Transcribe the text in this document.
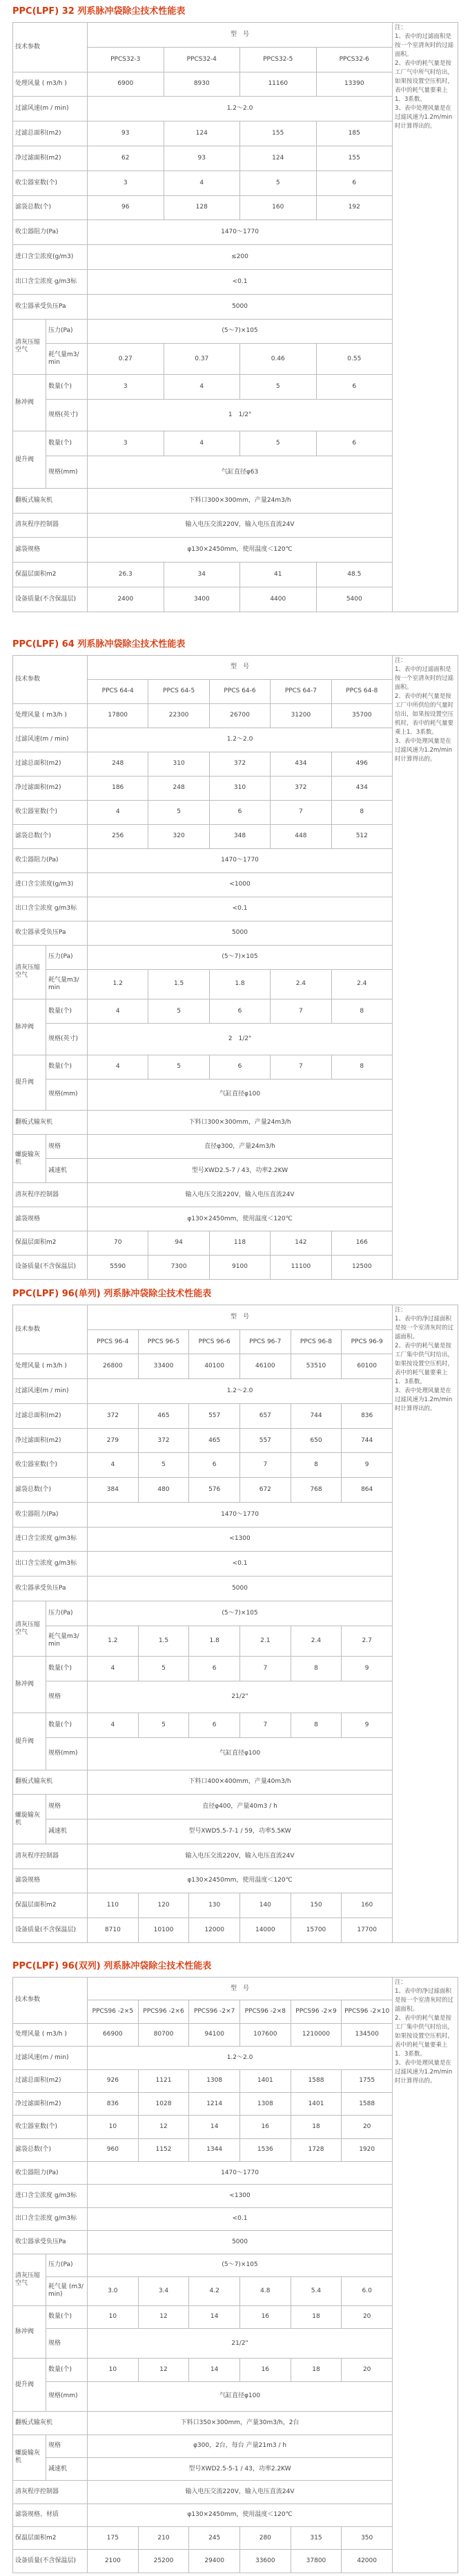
PPC(LPF) 32 列系脉冲袋除尘技术性能表
技术参数		型　号				注：
1、表中的过滤面积是按一个室清灰时的过滤面积。
2、表中的耗气量是按工厂气中所气时给出，如果按设置空压机时，表中的耗气量要乘上1．3系数。
3、表中处理风量是在过滤风速为1.2m/min时计算得出的。

		PPCS32-3	PPCS32-4	PPCS32-5	PPCS32-6	
处理风量 ( m3/h )		6900	8930	11160	13390	
过滤风速(m / min)		1.2～2.0				
过滤总面积(m2)		93	124	155	185	
净过滤面积(m2)		62	93	124	155	
收尘器室数(个)		3	4	5	6	
滤袋总数(个)		96	128	160	192	
收尘器阻力(Pa)		1470～1770				
进口含尘浓度(g/m3)		≤200				
出口含尘浓度 g/m3标		<0.1				
收尘器承受负压Pa		5000				
清灰压缩空气	压力(Pa)	(5～7)×105				
	耗气量m3/min	0.27	0.37	0.46	0.55	
脉冲阀	数量(个)	3	4	5	6	
	规格(英寸)	1　1/2"				
提升阀	数量(个)	3	4	5	6	
	规格(mm)	气缸直径φ63				
翻板式输灰机		下料口300×300mm，产量24m3/h				
清灰程序控制器		输入电压交流220V，输入电压直流24V				
滤袋规格		φ130×2450mm，使用温度＜120℃				
保温层面积m2		26.3	34	41	48.5	
设备质量(不含保温层)		2400	3400	4400	5400	
PPC(LPF) 64 列系脉冲袋除尘技术性能表
技术参数		型　号					注：
1、表中的过滤面积是按一个室清灰时的过滤面积。
2、表中的耗气量是按工厂中所供给的气量时给出，如果按设置空压机时，表中的耗气量要乘上1．3系数。
3、表中处理风量是在过滤风速为1.2m/min时计算得出的。

		PPCS 64-4	PPCS 64-5	PPCS 64-6	PPCS 64-7	PPCS 64-8	
处理风量 ( m3/h )		17800	22300	26700	31200	35700	
过滤风速(m / min)		1.2～2.0					
过滤总面积(m2)		248	310	372	434	496	
净过滤面积(m2)		186	248	310	372	434	
收尘器室数(个)		4	5	6	7	8	
滤袋总数(个)		256	320	348	448	512	
收尘器阻力(Pa)		1470～1770					
进口含尘浓度(g/m3)		<1000					
出口含尘浓度 g/m3标		<0.1					
收尘器承受负压Pa		5000					
清灰压缩空气	压力(Pa)	(5～7)×105					
	耗气量m3/min	1.2	1.5	1.8	2.4	2.4	
脉冲阀	数量(个)	4	5	6	7	8	
	规格(英寸)	2　1/2"					
提升阀	数量(个)	4	5	6	7	8	
	规格(mm)	气缸直径φ100					
翻板式输灰机		下料口300×300mm，产量24m3/h					
螺旋输灰机	规格	直径φ300，产量24m3/h					
	减速机	型号XWD2.5-7 / 43，功率2.2KW					
清灰程序控制器		输入电压交流220V，输入电压直流24V					
滤袋规格		φ130×2450mm，使用温度＜120℃					
保温层面积m2		70	94	118	142	166	
设备质量(不含保温层)		5590	7300	9100	11100	12500	
PPC(LPF) 96(单列) 列系脉冲袋除尘技术性能表
技术参数		型　号						注：
1、表中的净过滤面积是按一个室清灰时的过滤面积。
2、表中的耗气量是按工厂集中供气时给出，如果按设置空压机时，表中的耗气量要乘上1．3系数。
3、表中处理风量是在过滤风速为1.2m/min时计算得出的。

		PPCS 96-4	PPCS 96-5	PPCS 96-6	PPCS 96-7	PPCS 96-8	PPCS 96-9	
处理风量 ( m3/h )		26800	33400	40100	46100	53510	60100	
过滤风速(m / min)		1.2～2.0						
过滤总面积(m2)		372	465	557	657	744	836	
净过滤面积(m2)		279	372	465	557	650	744	
收尘器室数(个)		4	5	6	7	8	9	
滤袋总数(个)		384	480	576	672	768	864	
收尘器阻力(Pa)		1470～1770						
进口含尘浓度 g/m3标		<1300						
出口含尘浓度 g/m3标		<0.1						
收尘器承受负压Pa		5000						
清灰压缩空气	压力(Pa)	(5～7)×105						
	耗气量m3/min	1.2	1.5	1.8	2.1	2.4	2.7	
脉冲阀	数量(个)	4	5	6	7	8	9	
	规格	21/2"						
提升阀	数量(个)	4	5	6	7	8	9	
	规格(mm)	气缸直径φ100						
翻板式输灰机		下料口400×400mm，产量40m3/h						
螺旋输灰机	规格	直径φ400，产量40m3 / h						
	减速机	型号XWD5.5-7-1 / 59，功率5.5KW						
清灰程序控制器		输入电压交流220V，输入电压直流24V						
滤袋规格		φ130×2450mm，使用温度＜120℃						
保温层面积m2		110	120	130	140	150	160	
设备质量(不含保温层)		8710	10100	12000	14000	15700	17700	
PPC(LPF) 96(双列) 列系脉冲袋除尘技术性能表
技术参数		型　号						注：
1、表中的净过滤面积是按一个室清灰时的过滤面积。
2、表中的耗气量是按工厂集中供气时给出，如果按设置空压机时，表中的耗气量要乘上1．3系数。
3、表中处理风量是在过滤风速为1.2m/min时计算得出的。

		PPCS96 -2×5	PPCS96 -2×6	PPCS96 -2×7	PPCS96 -2×8	PPCS96 -2×9	PPCS96 -2×10	
处理风量 ( m3/h )		66900	80700	94100	107600	1210000	134500	
过滤风速(m / min)		1.2～2.0						
过滤总面积(m2)		926	1121	1308	1401	1588	1755	
净过滤面积(m2)		836	1028	1214	1308	1401	1588	
收尘器室数(个)		10	12	14	16	18	20	
滤袋总数(个)		960	1152	1344	1536	1728	1920	
收尘器阻力(Pa)		1470～1770						
进口含尘浓度 g/m3标		<1300						
出口含尘浓度 g/m3标		<0.1						
收尘器承受负压Pa		5000						
清灰压缩空气	压力(Pa)	(5～7)×105						
	耗气量 (m3/min)	3.0	3.4	4.2	4.8	5.4	6.0	
脉冲阀	数量(个)	10	12	14	16	18	20	
	规格	21/2"						
提升阀	数量(个)	10	12	14	16	18	20	
	规格(mm)	气缸直径φ100						
翻板式输灰机		下料口350×300mm，产量30m3/h，2台						
螺旋输灰机	规格	φ300，2台，每台 产量21m3 / h						
	减速机	型号XWD2.5-5-1 / 43，功率2.2KW						
清灰程序控制器		输入电压交流220V，输入电压直流24V						
滤袋规格、材质		φ130×2450mm，使用温度＜120℃						
保温层面积m2		175	210	245	280	315	350	
设备质量(不含保温层)		2100	25200	29400	33600	37800	42000	
